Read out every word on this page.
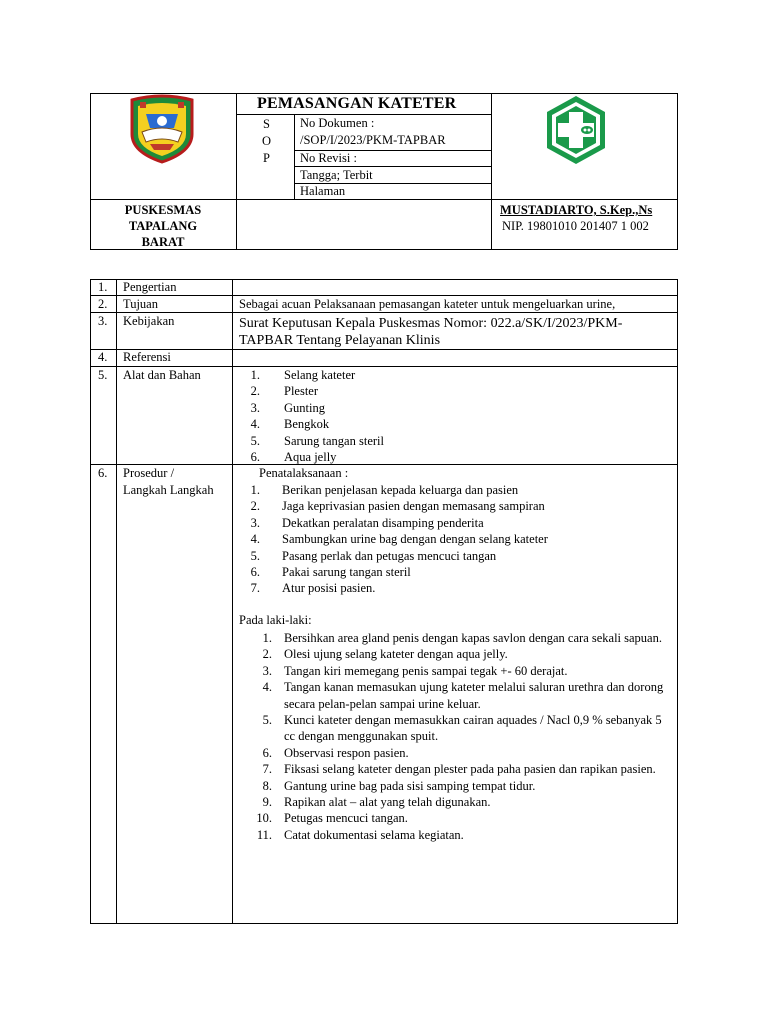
PEMASANGAN KATETER
S
O
P
No Dokumen :
/SOP/I/2023/PKM-TAPBAR
No Revisi :
Tangga; Terbit
Halaman
PUSKESMAS
TAPALANG
BARAT
MUSTADIARTO, S.Kep.,Ns
NIP. 19801010 201407 1 002
1. Pengertian
2. Tujuan	Sebagai acuan Pelaksanaan pemasangan kateter untuk mengeluarkan urine,
3. Kebijakan	Surat Keputusan Kepala Puskesmas Nomor: 022.a/SK/I/2023/PKM-
TAPBAR Tentang Pelayanan Klinis
4. Referensi
5. Alat dan Bahan	1.	Selang kateter
2.	Plester
3.	Gunting
4.	Bengkok
5.	Sarung tangan steril
6.	Aqua jelly
6. Prosedur /
Langkah Langkah
Penatalaksanaan :
1.	Berikan penjelasan kepada keluarga dan pasien
2.	Jaga keprivasian pasien dengan memasang sampiran
3.	Dekatkan peralatan disamping penderita
4.	Sambungkan urine bag dengan dengan selang kateter
5.	Pasang perlak dan petugas mencuci tangan
6.	Pakai sarung tangan steril
7.	Atur posisi pasien.
Pada laki-laki:
1. Bersihkan area gland penis dengan kapas savlon dengan cara sekali sapuan.
2. Olesi ujung selang kateter dengan aqua jelly.
3. Tangan kiri memegang penis sampai tegak +- 60 derajat.
4. Tangan kanan memasukan ujung kateter melalui saluran urethra dan dorong secara pelan-pelan sampai urine keluar.
5. Kunci kateter dengan memasukkan cairan aquades / Nacl 0,9 % sebanyak 5 cc dengan menggunakan spuit.
6. Observasi respon pasien.
7. Fiksasi selang kateter dengan plester pada paha pasien dan rapikan pasien.
8. Gantung urine bag pada sisi samping tempat tidur.
9. Rapikan alat – alat yang telah digunakan.
10. Petugas mencuci tangan.
11. Catat dokumentasi selama kegiatan.
